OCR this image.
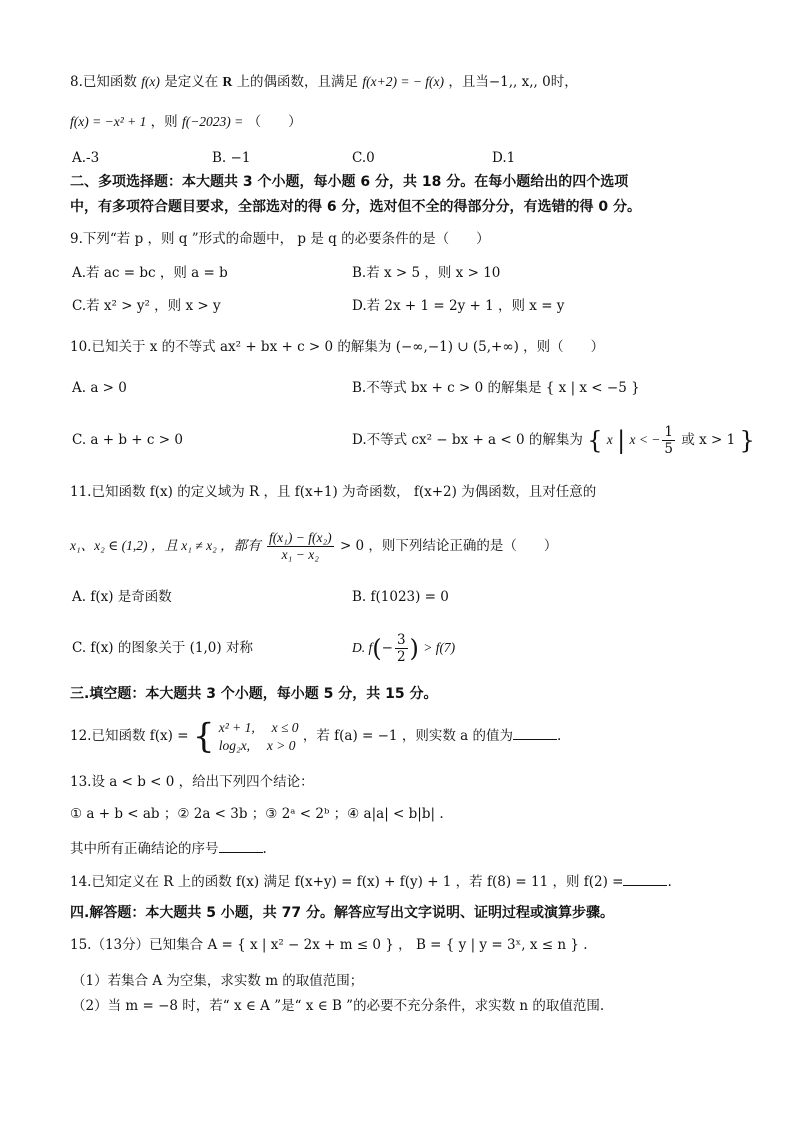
8.已知函数 f(x) 是定义在 R 上的偶函数，且满足 f(x+2) = − f(x) ，且当−1,, x,, 0时，
f(x) = −x² + 1 ，则 f(−2023) = （　　）
A.-3	B. −1	C.0	D.1
二、多项选择题：本大题共 3 个小题，每小题 6 分，共 18 分。在每小题给出的四个选项
中，有多项符合题目要求，全部选对的得 6 分，选对但不全的得部分分，有选错的得 0 分。
9.下列“若 p ，则 q ”形式的命题中， p 是 q 的必要条件的是（　　）
A.若 ac = bc ，则 a = b	B.若 x > 5 ，则 x > 10
C.若 x² > y² ，则 x > y	D.若 2x + 1 = 2y + 1 ，则 x = y
10.已知关于 x 的不等式 ax² + bx + c > 0 的解集为 (−∞,−1) ∪ (5,+∞) ，则（　　）
A. a > 0	B.不等式 bx + c > 0 的解集是 { x | x < −5 }
C. a + b + c > 0	D.不等式 cx² − bx + a < 0 的解集为 { x | x < − $\frac{1}{5}$ 或 x > 1 }
11.已知函数 f(x) 的定义域为 R ，且 f(x+1) 为奇函数， f(x+2) 为偶函数，且对任意的
x₁、x₂ ∈ (1,2) ，且 x₁ ≠ x₂ ，都有 $\frac{\text{f(x₁) − f(x₂)}}{\text{x₁ − x₂}} > 0$ ，则下列结论正确的是（　　）
A. f(x) 是奇函数	B. f(1023) = 0
C. f(x) 的图象关于 (1,0) 对称	D. $f(- \frac{3}{2}$ ) > f(7)
三.填空题：本大题共 3 个小题，每小题 5 分，共 15 分。
12.已知函数 f(x) = { x² + 1,　 x ≤ 0
log₂x,　 x > 0
，若 f(a) = −1 ，则实数 a 的值为	.
13.设 a < b < 0 ，给出下列四个结论：
① a + b < ab ；② 2a < 3b ；③ 2ᵃ < 2ᵇ ；④ a|a| < b|b| .
其中所有正确结论的序号	.
14.已知定义在 R 上的函数 f(x) 满足 f(x+y) = f(x) + f(y) + 1 ，若 f(8) = 11 ，则 f(2) =	.
四.解答题：本大题共 5 小题，共 77 分。解答应写出文字说明、证明过程或演算步骤。
15.（13分）已知集合 A = { x | x² − 2x + m ≤ 0 } ， B = { y | y = 3ˣ, x ≤ n } .
（1）若集合 A 为空集，求实数 m 的取值范围；
（2）当 m = −8 时，若“ x ∈ A ”是“ x ∈ B ”的必要不充分条件，求实数 n 的取值范围.
